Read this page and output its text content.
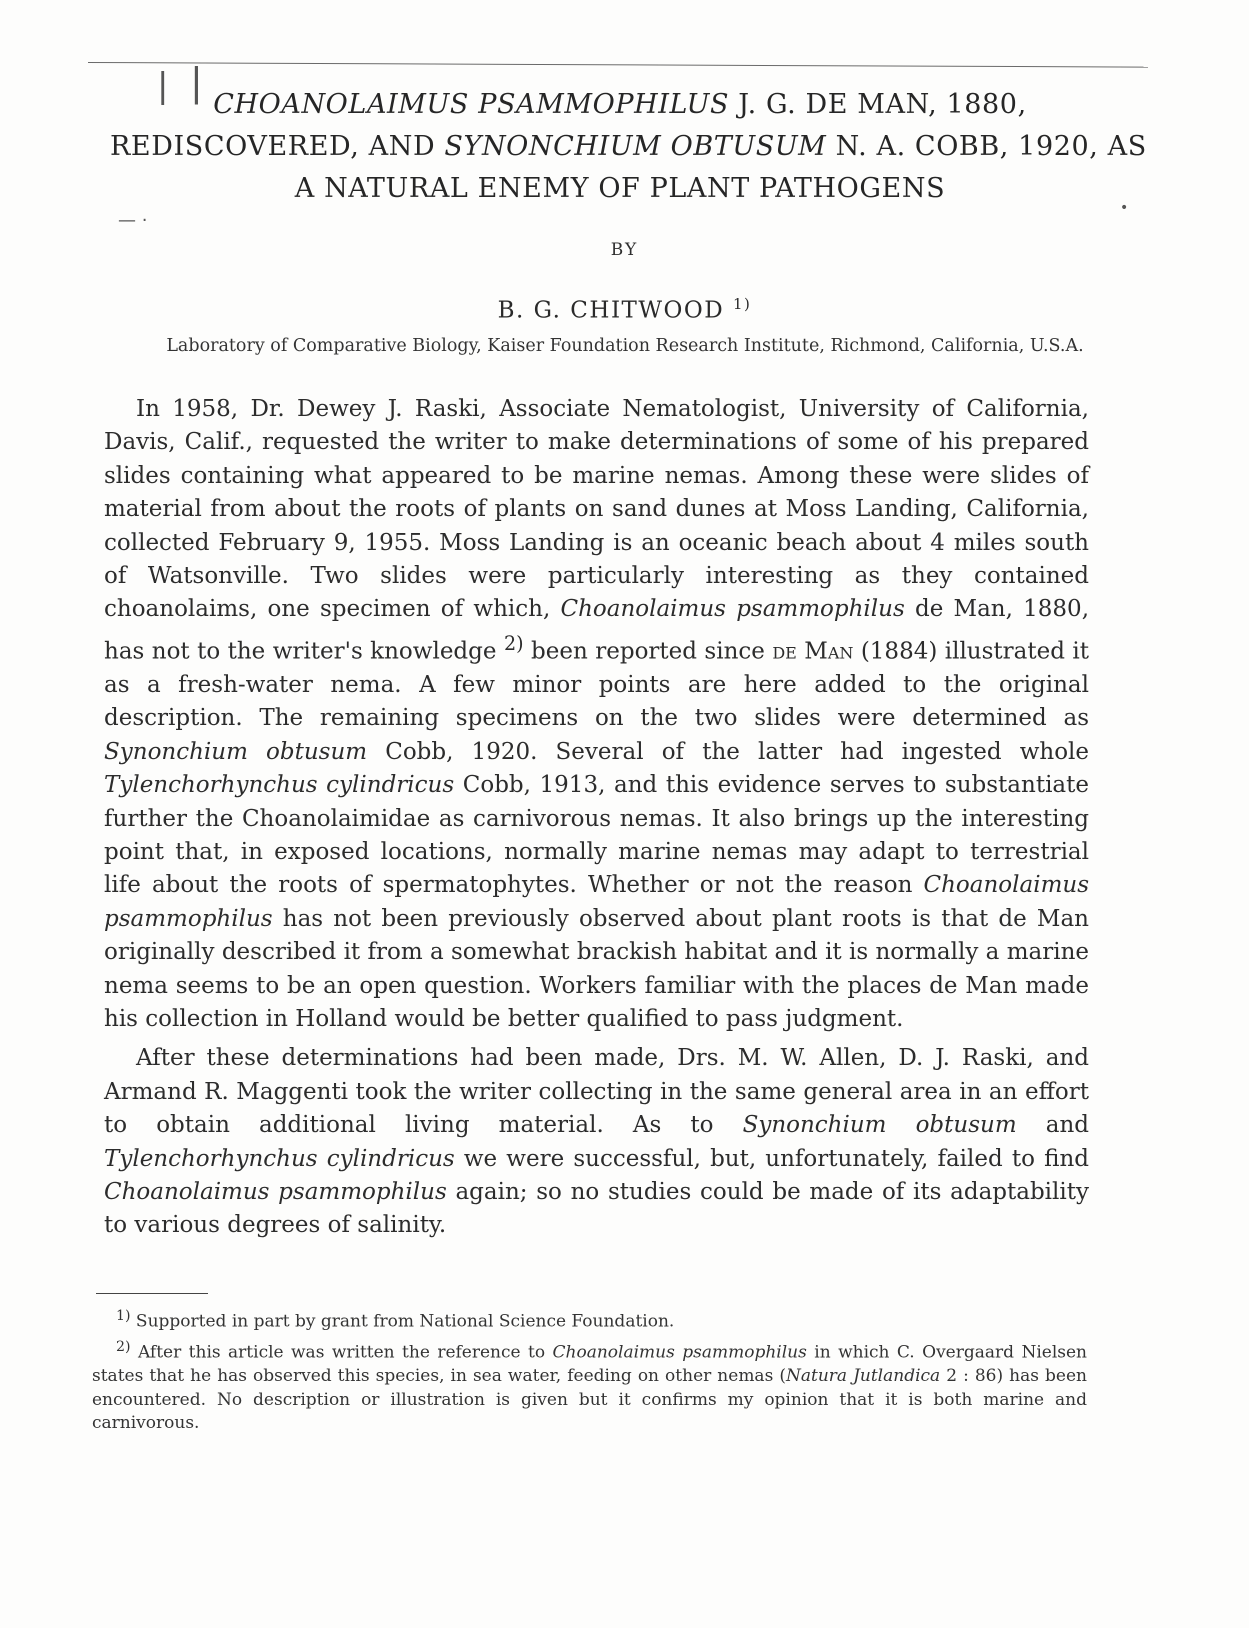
| |
— ·
•
CHOANOLAIMUS PSAMMOPHILUS J. G. DE MAN, 1880,
REDISCOVERED, AND SYNONCHIUM OBTUSUM N. A. COBB, 1920, AS
A NATURAL ENEMY OF PLANT PATHOGENS
BY
B. G. CHITWOOD $^{1)}$
Laboratory of Comparative Biology, Kaiser Foundation Research Institute, Richmond, California, U.S.A.

In 1958, Dr. Dewey J. Raski, Associate Nematologist, University of California, Davis, Calif., requested the writer to make determinations of some of his prepared slides containing what appeared to be marine nemas. Among these were slides of material from about the roots of plants on sand dunes at Moss Landing, California, collected February 9, 1955. Moss Landing is an oceanic beach about 4 miles south of Watsonville. Two slides were particularly interesting as they contained choanolaims, one specimen of which, Choanolaimus psammophilus de Man, 1880, has not to the writer's knowledge $^{2)}$ been reported since de Man (1884) illustrated it as a fresh-water nema. A few minor points are here added to the original description. The remaining specimens on the two slides were determined as Synonchium obtusum Cobb, 1920. Several of the latter had ingested whole Tylenchorhynchus cylindricus Cobb, 1913, and this evidence serves to substantiate further the Choanolaimidae as carnivorous nemas. It also brings up the interesting point that, in exposed locations, normally marine nemas may adapt to terrestrial life about the roots of spermatophytes. Whether or not the reason Choanolaimus psammophilus has not been previously observed about plant roots is that de Man originally described it from a somewhat brackish habitat and it is normally a marine nema seems to be an open question. Workers familiar with the places de Man made his collection in Holland would be better qualified to pass judgment.

After these determinations had been made, Drs. M. W. Allen, D. J. Raski, and Armand R. Maggenti took the writer collecting in the same general area in an effort to obtain additional living material. As to Synonchium obtusum and Tylenchorhynchus cylindricus we were successful, but, unfortunately, failed to find Choanolaimus psammophilus again; so no studies could be made of its adaptability to various degrees of salinity.

$^{1)}$ Supported in part by grant from National Science Foundation.

$^{2)}$ After this article was written the reference to Choanolaimus psammophilus in which C. Overgaard Nielsen states that he has observed this species, in sea water, feeding on other nemas (Natura Jutlandica 2 : 86) has been encountered. No description or illustration is given but it confirms my opinion that it is both marine and carnivorous.
